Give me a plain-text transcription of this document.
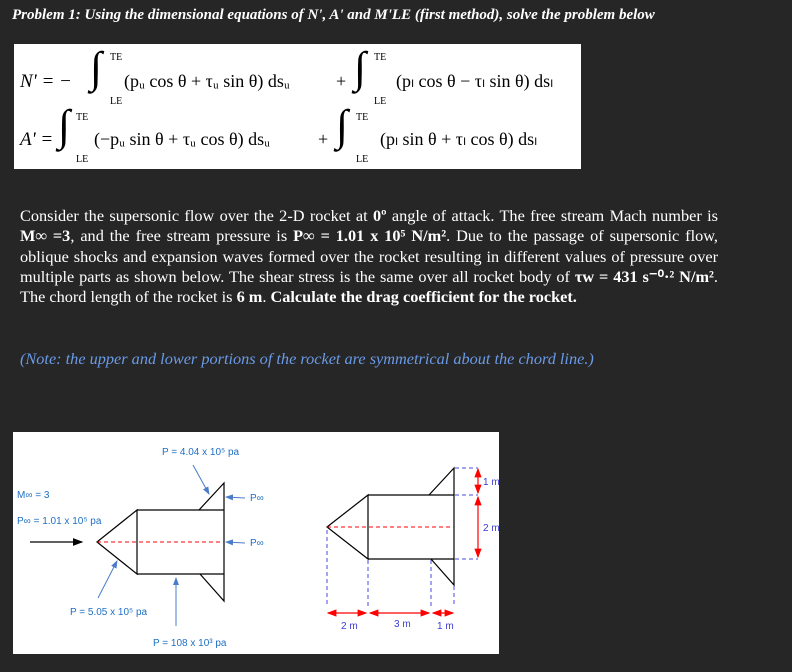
Problem 1: Using the dimensional equations of N', A' and M'LE (first method), solve the problem below
N' = − ∫ TE
LE
(pᵤ cos θ + τᵤ sin θ) dsᵤ	+ ∫ TE
LE
(pₗ cos θ − τₗ sin θ) dsₗ
A' = ∫ TE
LE
(−pᵤ sin θ + τᵤ cos θ) dsᵤ	+ ∫ TE
LE
(pₗ sin θ + τₗ cos θ) dsₗ
Consider the supersonic flow over the 2-D rocket at 0º angle of attack. The free stream Mach number is M∞ =3, and the free stream pressure is P∞ = 1.01 x 10⁵ N/m². Due to the passage of supersonic flow, oblique shocks and expansion waves formed over the rocket resulting in different values of pressure over multiple parts as shown below. The shear stress is the same over all rocket body of τw = 431 s⁻⁰·² N/m². The chord length of the rocket is 6 m. Calculate the drag coefficient for the rocket.
(Note: the upper and lower portions of the rocket are symmetrical about the chord line.)
M∞ = 3
P∞ = 1.01 x 10⁵ pa
P = 4.04 x 10⁵ pa
P∞
P∞
P = 5.05 x 10⁵ pa
P = 108 x 10³ pa
2 m	3 m	1 m
1 m
2 m
